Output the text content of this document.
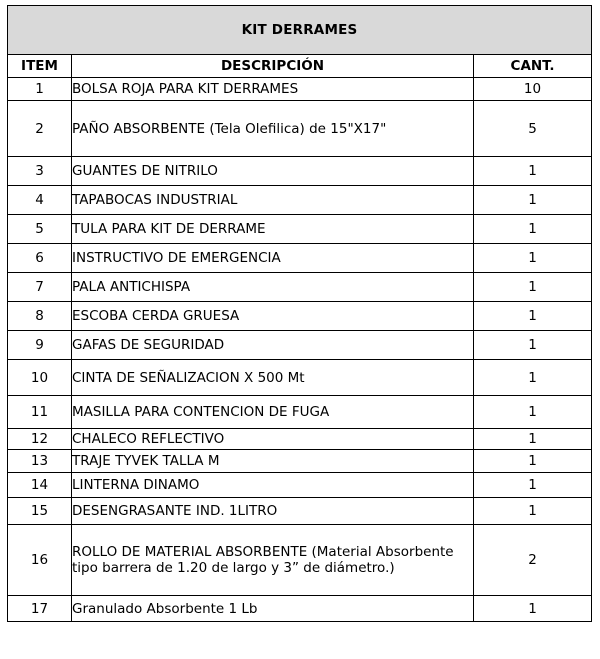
KIT DERRAMES		
ITEM	DESCRIPCIÓN	CANT.
1	BOLSA ROJA PARA KIT DERRAMES	10
2	PAÑO ABSORBENTE (Tela Olefilica) de 15"X17"	5
3	GUANTES DE NITRILO	1
4	TAPABOCAS INDUSTRIAL	1
5	TULA PARA KIT DE DERRAME	1
6	INSTRUCTIVO DE EMERGENCIA	1
7	PALA ANTICHISPA	1
8	ESCOBA CERDA GRUESA	1
9	GAFAS DE SEGURIDAD	1
10	CINTA DE SEÑALIZACION X 500 Mt	1
11	MASILLA PARA CONTENCION DE FUGA	1
12	CHALECO REFLECTIVO	1
13	TRAJE TYVEK TALLA M	1
14	LINTERNA DINAMO	1
15	DESENGRASANTE IND. 1LITRO	1
16	ROLLO DE MATERIAL ABSORBENTE (Material Absorbente tipo barrera de 1.20 de largo y 3” de diámetro.)	2
17	Granulado Absorbente 1 Lb	1
